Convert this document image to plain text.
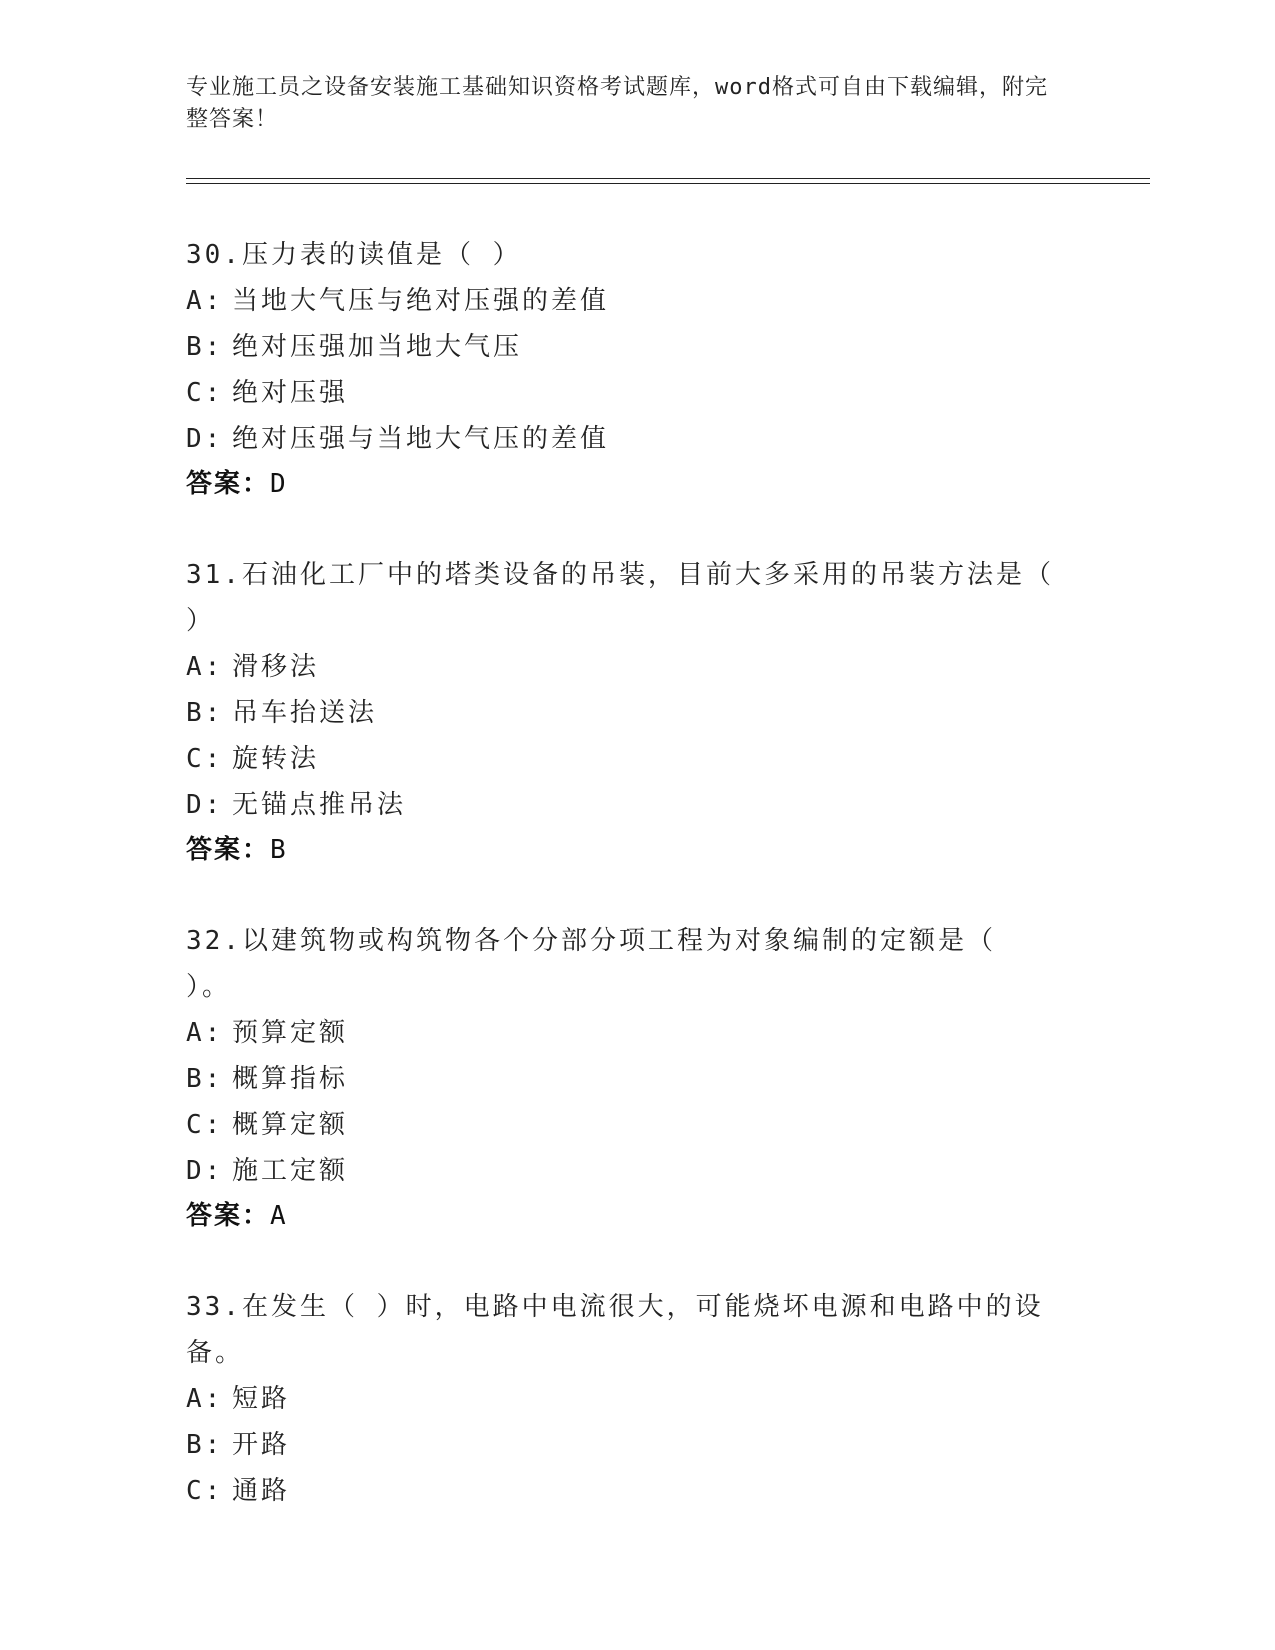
专业施工员之设备安装施工基础知识资格考试题库，word格式可自由下载编辑，附完整答案！
30.压力表的读值是（ ）
A: 当地大气压与绝对压强的差值
B: 绝对压强加当地大气压
C: 绝对压强
D: 绝对压强与当地大气压的差值
答案：D
31.石油化工厂中的塔类设备的吊装，目前大多采用的吊装方法是（ ）
A: 滑移法
B: 吊车抬送法
C: 旋转法
D: 无锚点推吊法
答案：B
32.以建筑物或构筑物各个分部分项工程为对象编制的定额是（ ）。
A: 预算定额
B: 概算指标
C: 概算定额
D: 施工定额
答案：A
33.在发生（ ）时，电路中电流很大，可能烧坏电源和电路中的设备。
A: 短路
B: 开路
C: 通路
